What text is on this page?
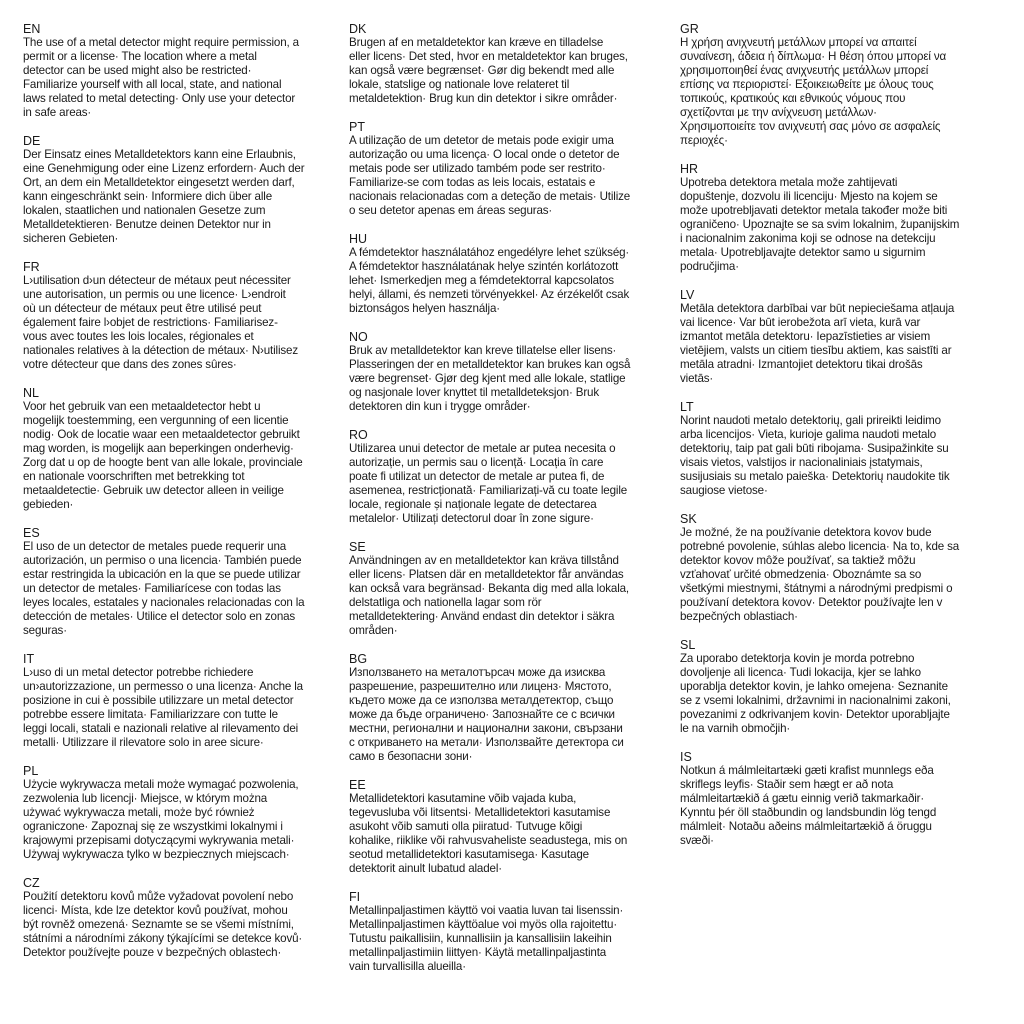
EN
The use of a metal detector might require permission, a
permit or a license· The location where a metal
detector can be used might also be restricted·
Familiarize yourself with all local, state, and national
laws related to metal detecting· Only use your detector
in safe areas·
DE
Der Einsatz eines Metalldetektors kann eine Erlaubnis,
eine Genehmigung oder eine Lizenz erfordern· Auch der
Ort, an dem ein Metalldetektor eingesetzt werden darf,
kann eingeschränkt sein· Informiere dich über alle
lokalen, staatlichen und nationalen Gesetze zum
Metalldetektieren· Benutze deinen Detektor nur in
sicheren Gebieten·
FR
L›utilisation d›un détecteur de métaux peut nécessiter
une autorisation, un permis ou une licence· L›endroit
où un détecteur de métaux peut être utilisé peut
également faire l›objet de restrictions· Familiarisez-
vous avec toutes les lois locales, régionales et
nationales relatives à la détection de métaux· N›utilisez
votre détecteur que dans des zones sûres·
NL
Voor het gebruik van een metaaldetector hebt u
mogelijk toestemming, een vergunning of een licentie
nodig· Ook de locatie waar een metaaldetector gebruikt
mag worden, is mogelijk aan beperkingen onderhevig·
Zorg dat u op de hoogte bent van alle lokale, provinciale
en nationale voorschriften met betrekking tot
metaaldetectie· Gebruik uw detector alleen in veilige
gebieden·
ES
El uso de un detector de metales puede requerir una
autorización, un permiso o una licencia· También puede
estar restringida la ubicación en la que se puede utilizar
un detector de metales· Familiarícese con todas las
leyes locales, estatales y nacionales relacionadas con la
detección de metales· Utilice el detector solo en zonas
seguras·
IT
L›uso di un metal detector potrebbe richiedere
un›autorizzazione, un permesso o una licenza· Anche la
posizione in cui è possibile utilizzare un metal detector
potrebbe essere limitata· Familiarizzare con tutte le
leggi locali, statali e nazionali relative al rilevamento dei
metalli· Utilizzare il rilevatore solo in aree sicure·
PL
Użycie wykrywacza metali może wymagać pozwolenia,
zezwolenia lub licencji· Miejsce, w którym można
używać wykrywacza metali, może być również
ograniczone· Zapoznaj się ze wszystkimi lokalnymi i
krajowymi przepisami dotyczącymi wykrywania metali·
Używaj wykrywacza tylko w bezpiecznych miejscach·
CZ
Použití detektoru kovů může vyžadovat povolení nebo
licenci· Místa, kde lze detektor kovů používat, mohou
být rovněž omezená· Seznamte se se všemi místními,
státními a národními zákony týkajícími se detekce kovů·
Detektor používejte pouze v bezpečných oblastech·
DK
Brugen af en metaldetektor kan kræve en tilladelse
eller licens· Det sted, hvor en metaldetektor kan bruges,
kan også være begrænset· Gør dig bekendt med alle
lokale, statslige og nationale love relateret til
metaldetektion· Brug kun din detektor i sikre områder·
PT
A utilização de um detetor de metais pode exigir uma
autorização ou uma licença· O local onde o detetor de
metais pode ser utilizado também pode ser restrito·
Familiarize-se com todas as leis locais, estatais e
nacionais relacionadas com a deteção de metais· Utilize
o seu detetor apenas em áreas seguras·
HU
A fémdetektor használatához engedélyre lehet szükség·
A fémdetektor használatának helye szintén korlátozott
lehet· Ismerkedjen meg a fémdetektorral kapcsolatos
helyi, állami, és nemzeti törvényekkel· Az érzékelőt csak
biztonságos helyen használja·
NO
Bruk av metalldetektor kan kreve tillatelse eller lisens·
Plasseringen der en metalldetektor kan brukes kan også
være begrenset· Gjør deg kjent med alle lokale, statlige
og nasjonale lover knyttet til metalldeteksjon· Bruk
detektoren din kun i trygge områder·
RO
Utilizarea unui detector de metale ar putea necesita o
autorizație, un permis sau o licență· Locația în care
poate fi utilizat un detector de metale ar putea fi, de
asemenea, restricționată· Familiarizați-vă cu toate legile
locale, regionale și naționale legate de detectarea
metalelor· Utilizați detectorul doar în zone sigure·
SE
Användningen av en metalldetektor kan kräva tillstånd
eller licens· Platsen där en metalldetektor får användas
kan också vara begränsad· Bekanta dig med alla lokala,
delstatliga och nationella lagar som rör
metalldetektering· Använd endast din detektor i säkra
områden·
BG
Използването на металотърсач може да изисква
разрешение, разрешително или лиценз· Мястото,
където може да се използва металдетектор, също
може да бъде ограничено· Запознайте се с всички
местни, регионални и национални закони, свързани
с откриването на метали· Използвайте детектора си
само в безопасни зони·
EE
Metallidetektori kasutamine võib vajada kuba,
tegevusluba või litsentsi· Metallidetektori kasutamise
asukoht võib samuti olla piiratud· Tutvuge kõigi
kohalike, riiklike või rahvusvaheliste seadustega, mis on
seotud metallidetektori kasutamisega· Kasutage
detektorit ainult lubatud aladel·
FI
Metallinpaljastimen käyttö voi vaatia luvan tai lisenssin·
Metallinpaljastimen käyttöalue voi myös olla rajoitettu·
Tutustu paikallisiin, kunnallisiin ja kansallisiin lakeihin
metallinpaljastimiin liittyen· Käytä metallinpaljastinta
vain turvallisilla alueilla·
GR
Η χρήση ανιχνευτή μετάλλων μπορεί να απαιτεί
συναίνεση, άδεια ή δίπλωμα· Η θέση όπου μπορεί να
χρησιμοποιηθεί ένας ανιχνευτής μετάλλων μπορεί
επίσης να περιοριστεί· Εξοικειωθείτε με όλους τους
τοπικούς, κρατικούς και εθνικούς νόμους που
σχετίζονται με την ανίχνευση μετάλλων·
Χρησιμοποιείτε τον ανιχνευτή σας μόνο σε ασφαλείς
περιοχές·
HR
Upotreba detektora metala može zahtijevati
dopuštenje, dozvolu ili licenciju· Mjesto na kojem se
može upotrebljavati detektor metala također može biti
ograničeno· Upoznajte se sa svim lokalnim, županijskim
i nacionalnim zakonima koji se odnose na detekciju
metala· Upotrebljavajte detektor samo u sigurnim
područjima·
LV
Metāla detektora darbībai var būt nepieciešama atļauja
vai licence· Var būt ierobežota arī vieta, kurā var
izmantot metāla detektoru· Iepazīstieties ar visiem
vietējiem, valsts un citiem tiesību aktiem, kas saistīti ar
metāla atradni· Izmantojiet detektoru tikai drošās
vietās·
LT
Norint naudoti metalo detektorių, gali prireikti leidimo
arba licencijos· Vieta, kurioje galima naudoti metalo
detektorių, taip pat gali būti ribojama· Susipažinkite su
visais vietos, valstijos ir nacionaliniais įstatymais,
susijusiais su metalo paieška· Detektorių naudokite tik
saugiose vietose·
SK
Je možné, že na používanie detektora kovov bude
potrebné povolenie, súhlas alebo licencia· Na to, kde sa
detektor kovov môže používať, sa taktiež môžu
vzťahovať určité obmedzenia· Oboznámte sa so
všetkými miestnymi, štátnymi a národnými predpismi o
používaní detektora kovov· Detektor používajte len v
bezpečných oblastiach·
SL
Za uporabo detektorja kovin je morda potrebno
dovoljenje ali licenca· Tudi lokacija, kjer se lahko
uporablja detektor kovin, je lahko omejena· Seznanite
se z vsemi lokalnimi, državnimi in nacionalnimi zakoni,
povezanimi z odkrivanjem kovin· Detektor uporabljajte
le na varnih območjih·
IS
Notkun á málmleitartæki gæti krafist munnlegs eða
skriflegs leyfis· Staðir sem hægt er að nota
málmleitartækið á gætu einnig verið takmarkaðir·
Kynntu þér öll staðbundin og landsbundin lög tengd
málmleit· Notaðu aðeins málmleitartækið á öruggu
svæði·
